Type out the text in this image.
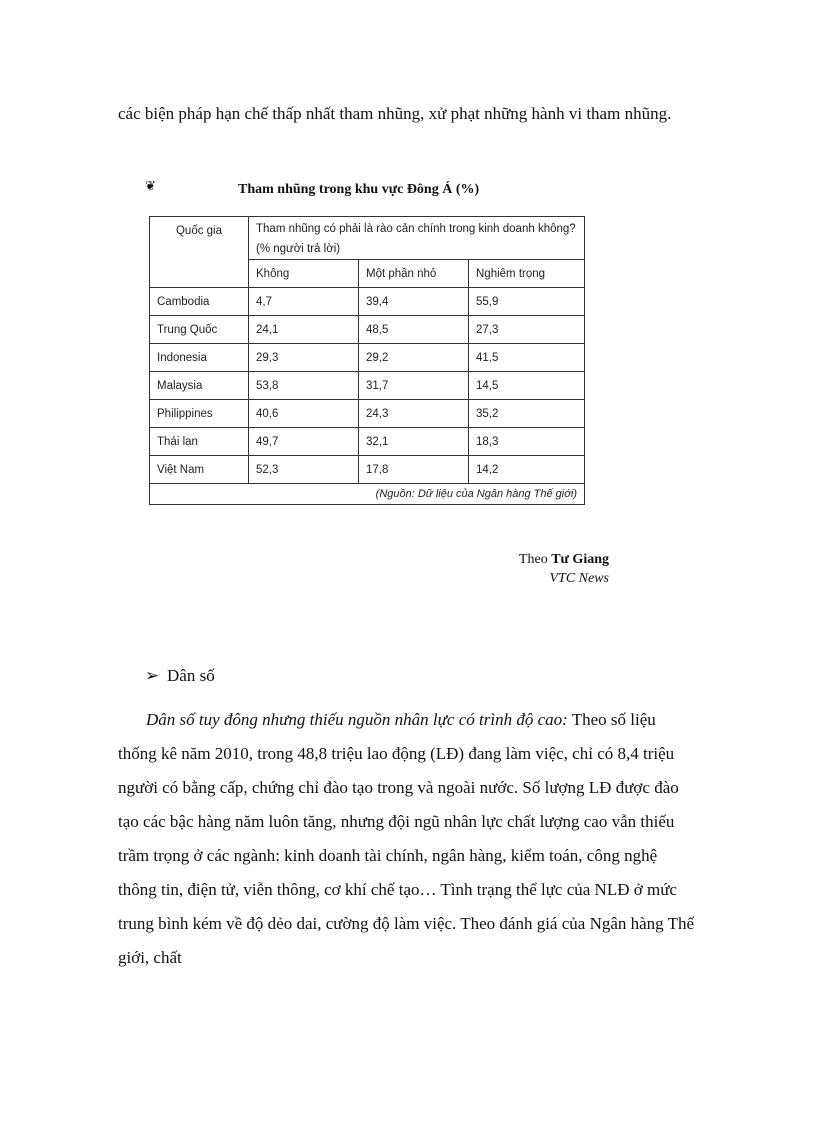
các biện pháp hạn chế thấp nhất tham nhũng, xử phạt những hành vi tham nhũng.

❦	Tham nhũng trong khu vực Đông Á (%)
Quốc gia	Tham nhũng có phải là rào cản chính trong kinh doanh không? (% người trả lời)		
	Không	Một phần nhỏ	Nghiêm trọng
Cambodia	4,7	39,4	55,9
Trung Quốc	24,1	48,5	27,3
Indonesia	29,3	29,2	41,5
Malaysia	53,8	31,7	14,5
Philippines	40,6	24,3	35,2
Thái lan	49,7	32,1	18,3
Việt Nam	52,3	17,8	14,2
(Nguồn: Dữ liệu của Ngân hàng Thế giới)			
Theo Tư Giang
VTC News
➢ Dân số

Dân số tuy đông nhưng thiếu nguồn nhân lực có trình độ cao: Theo số liệu thống kê năm 2010, trong 48,8 triệu lao động (LĐ) đang làm việc, chỉ có 8,4 triệu người có bằng cấp, chứng chỉ đào tạo trong và ngoài nước. Số lượng LĐ được đào tạo các bậc hàng năm luôn tăng, nhưng đội ngũ nhân lực chất lượng cao vẫn thiếu trầm trọng ở các ngành: kinh doanh tài chính, ngân hàng, kiểm toán, công nghệ thông tin, điện tử, viễn thông, cơ khí chế tạo… Tình trạng thể lực của NLĐ ở mức trung bình kém về độ dẻo dai, cường độ làm việc. Theo đánh giá của Ngân hàng Thế giới, chất
